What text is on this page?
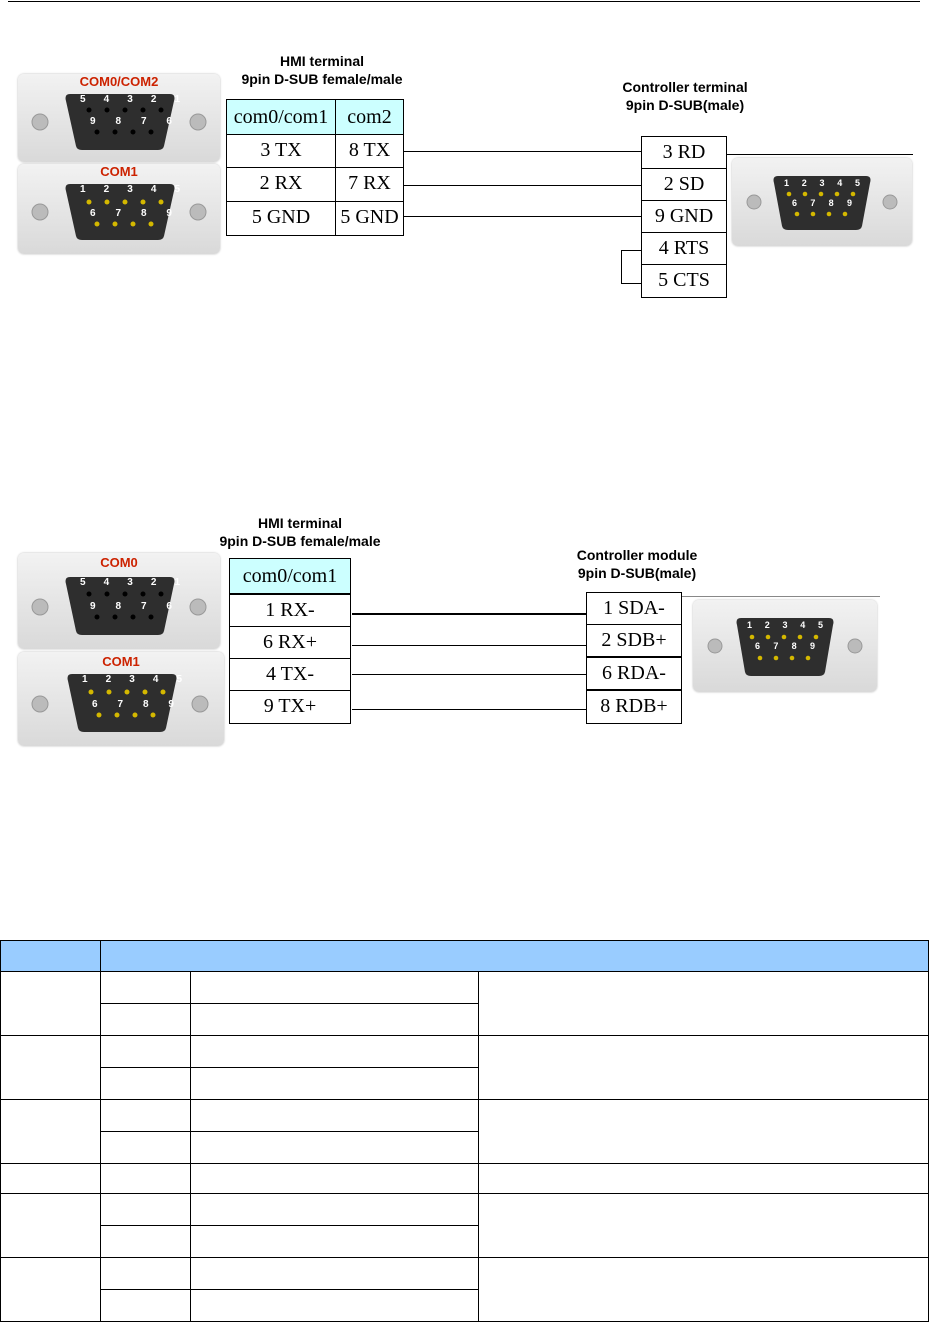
COM0/COM2
5 4 3 2 1
9 8 7 6
COM1
1 2 3 4 5
6 7 8 9
HMI terminal
9pin D-SUB female/male	Controller terminal
9pin D-SUB(male)
com0/com1 com2
3 TX	8 TX
2 RX	7 RX
5 GND	5 GND
3 RD
2 SD
9 GND
4 RTS
5 CTS
1 2 3 4 5
6 7 8 9
COM0
5 4 3 2 1
9 8 7 6
COM1
1 2 3 4 5
6 7 8 9
HMI terminal
9pin D-SUB female/male
Controller module
9pin D-SUB(male)
com0/com1
1 RX-
6 RX+
4 TX-
9 TX+
1 SDA-
2 SDB+
6 RDA-
8 RDB+
1 2 3 4 5
6 7 8 9
